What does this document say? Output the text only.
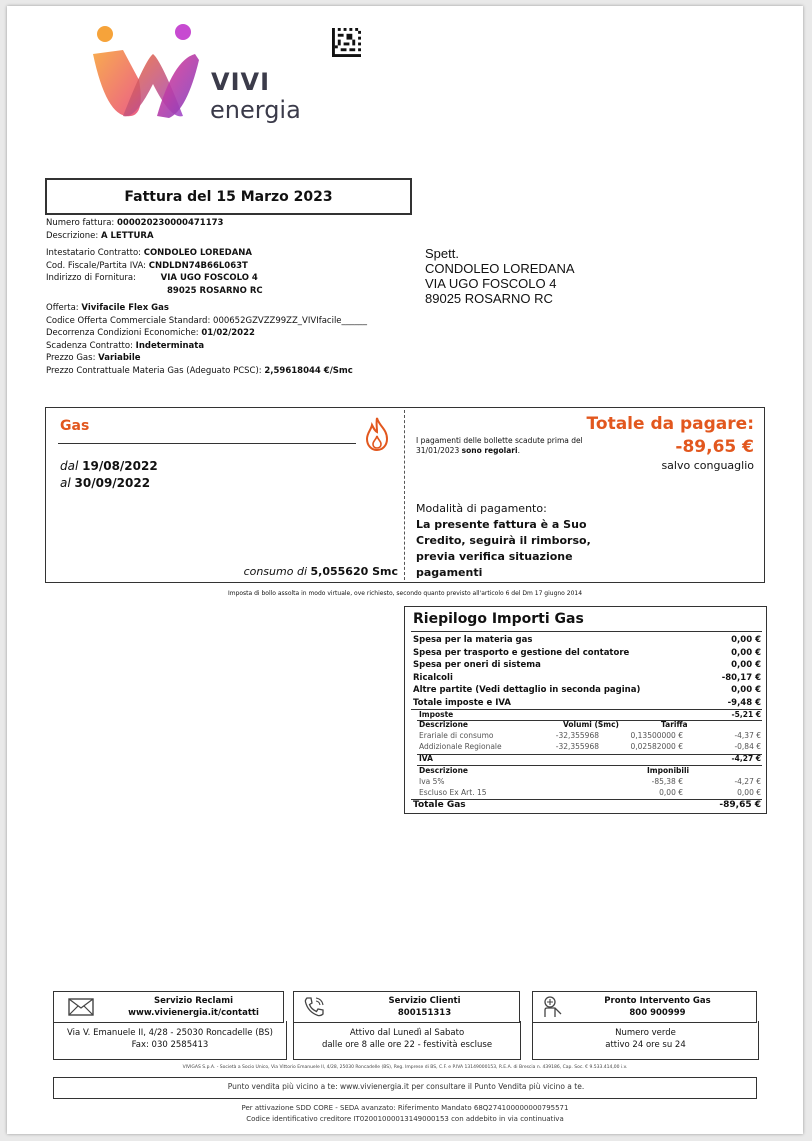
VIVI
energia
Fattura del 15 Marzo 2023
Numero fattura: 000020230000471173
Descrizione: A LETTURA
Intestatario Contratto: CONDOLEO LOREDANA
Cod. Fiscale/Partita IVA: CNDLDN74B66L063T
Indirizzo di Fornitura:	VIA UGO FOSCOLO 4
89025 ROSARNO RC
Offerta: Vivifacile Flex Gas
Codice Offerta Commerciale Standard: 000652GZVZZ99ZZ_VIVIfacile______
Decorrenza Condizioni Economiche: 01/02/2022
Scadenza Contratto: Indeterminata
Prezzo Gas: Variabile
Prezzo Contrattuale Materia Gas (Adeguato PCSC): 2,59618044 €/Smc
Spett.
CONDOLEO LOREDANA
VIA UGO FOSCOLO 4
89025 ROSARNO RC
Gas
dal 19/08/2022
al 30/09/2022
consumo di 5,055620 Smc
I pagamenti delle bollette scadute prima del 31/01/2023 sono regolari.
Modalità di pagamento:
La presente fattura è a Suo Credito, seguirà il rimborso, previa verifica situazione pagamenti
Totale da pagare:
-89,65 €
salvo conguaglio
Imposta di bollo assolta in modo virtuale, ove richiesto, secondo quanto previsto all'articolo 6 del Dm 17 giugno 2014
Riepilogo Importi Gas
Spesa per la materia gas	0,00 €
Spesa per trasporto e gestione del contatore	0,00 €
Spesa per oneri di sistema	0,00 €
Ricalcoli	-80,17 €
Altre partite (Vedi dettaglio in seconda pagina)	0,00 €
Totale imposte e IVA	-9,48 €
Imposte	-5,21 €
Descrizione	Volumi (Smc)	Tariffa
Erariale di consumo	-32,355968	0,13500000 €	-4,37 €
Addizionale Regionale	-32,355968	0,02582000 €	-0,84 €
IVA	-4,27 €
Descrizione	Imponibili
Iva 5%	-85,38 €	-4,27 €
Escluso Ex Art. 15	0,00 €	0,00 €
Totale Gas	-89,65 €
Servizio Reclami
www.vivienergia.it/contatti
Via V. Emanuele II, 4/28 - 25030 Roncadelle (BS)
Fax: 030 2585413
Servizio Clienti
800151313
Attivo dal Lunedì al Sabato
dalle ore 8 alle ore 22 - festività escluse
Pronto Intervento Gas
800 900999
Numero verde
attivo 24 ore su 24
VIVIGAS S.p.A. - Società a Socio Unico, Via Vittorio Emanuele II, 4/28, 25030 Roncadelle (BS), Reg. Imprese di BS, C.F. e P.IVA 13149000153, R.E.A. di Brescia n. 439186, Cap. Soc. € 9.533.414,00 i.v.
Punto vendita più vicino a te: www.vivienergia.it per consultare il Punto Vendita più vicino a te.
Per attivazione SDD CORE - SEDA avanzato: Riferimento Mandato 68Q274100000000795571
Codice identificativo creditore IT02001000013149000153 con addebito in via continuativa
